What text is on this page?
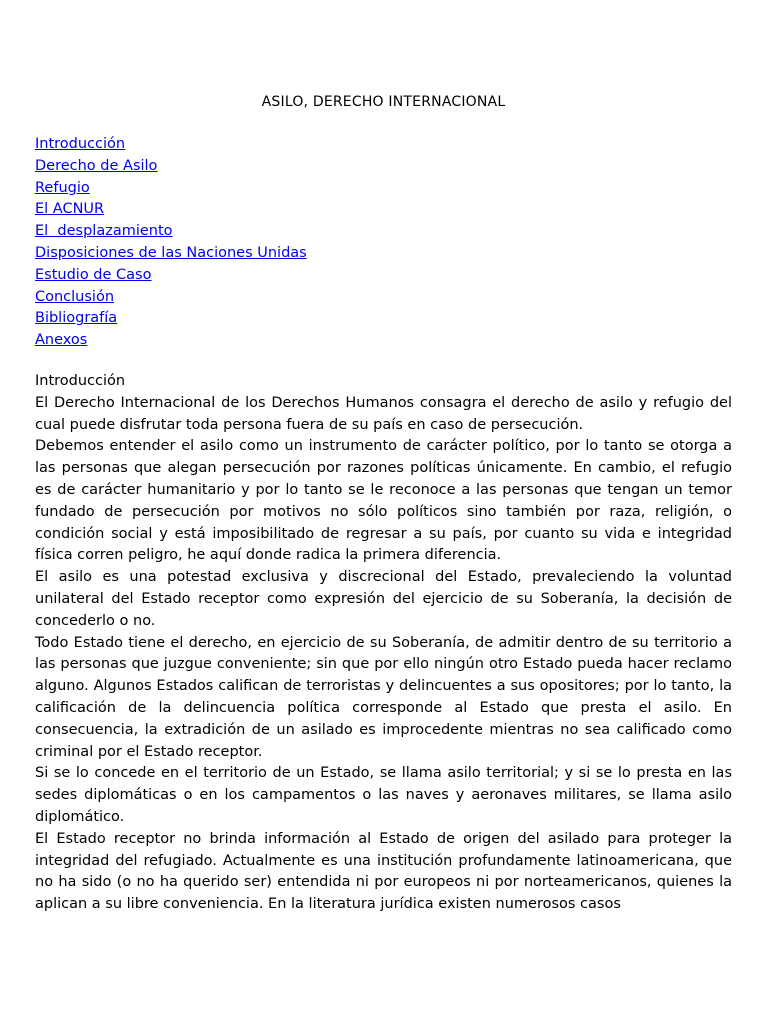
ASILO, DERECHO INTERNACIONAL
Introducción
Derecho de Asilo
Refugio
El ACNUR
El  desplazamiento
Disposiciones de las Naciones Unidas
Estudio de Caso
Conclusión
Bibliografía
Anexos
Introducción

El Derecho Internacional de los Derechos Humanos consagra el derecho de asilo y refugio del cual puede disfrutar toda persona fuera de su país en caso de persecución.

Debemos entender el asilo como un instrumento de carácter político, por lo tanto se otorga a las personas que alegan persecución por razones políticas únicamente. En cambio, el refugio es de carácter humanitario y por lo tanto se le reconoce a las personas que tengan un temor fundado de persecución por motivos no sólo políticos sino también por raza, religión, o condición social y está imposibilitado de regresar a su país, por cuanto su vida e integridad física corren peligro, he aquí donde radica la primera diferencia.

El asilo es una potestad exclusiva y discrecional del Estado, prevaleciendo la voluntad unilateral del Estado receptor como expresión del ejercicio de su Soberanía, la decisión de concederlo o no.

Todo Estado tiene el derecho, en ejercicio de su Soberanía, de admitir dentro de su territorio a las personas que juzgue conveniente; sin que por ello ningún otro Estado pueda hacer reclamo alguno. Algunos Estados califican de terroristas y delincuentes a sus opositores; por lo tanto, la calificación de la delincuencia política corresponde al Estado que presta el asilo. En consecuencia, la extradición de un asilado es improcedente mientras no sea calificado como criminal por el Estado receptor.

Si se lo concede en el territorio de un Estado, se llama asilo territorial; y si se lo presta en las sedes diplomáticas o en los campamentos o las naves y aeronaves militares, se llama asilo diplomático.

El Estado receptor no brinda información al Estado de origen del asilado para proteger la integridad del refugiado. Actualmente es una institución profundamente latinoamericana, que no ha sido (o no ha querido ser) entendida ni por europeos ni por norteamericanos, quienes la aplican a su libre conveniencia. En la literatura jurídica existen numerosos casos
